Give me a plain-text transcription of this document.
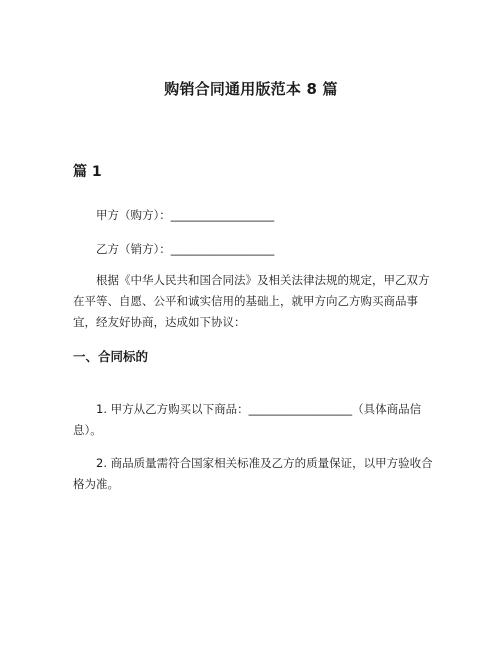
购销合同通用版范本 8 篇
篇 1

甲方（购方）：__________________

乙方（销方）：__________________

根据《中华人民共和国合同法》及相关法律法规的规定，甲乙双方在平等、自愿、公平和诚实信用的基础上，就甲方向乙方购买商品事宜，经友好协商，达成如下协议：

一、合同标的

1. 甲方从乙方购买以下商品：__________________（具体商品信息）。

2. 商品质量需符合国家相关标准及乙方的质量保证，以甲方验收合格为准。
